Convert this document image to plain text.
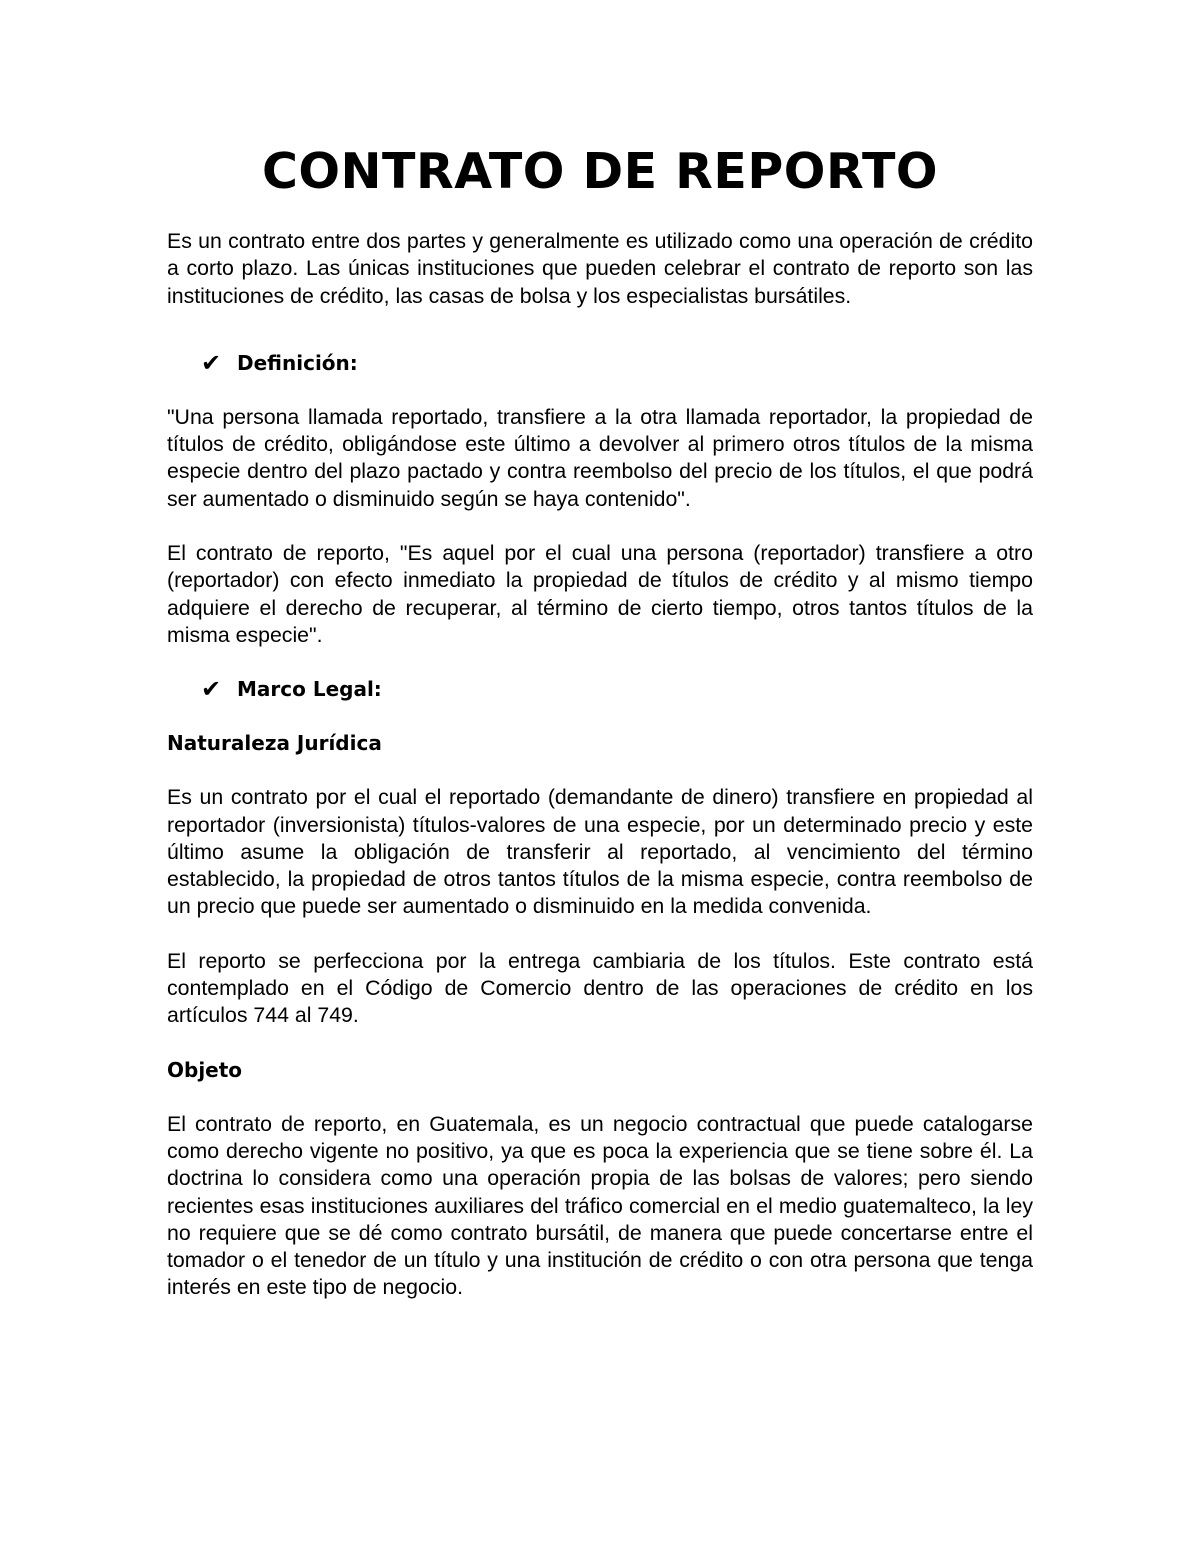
CONTRATO DE REPORTO

Es un contrato entre dos partes y generalmente es utilizado como una operación de crédito a corto plazo. Las únicas instituciones que pueden celebrar el contrato de reporto son las instituciones de crédito, las casas de bolsa y los especialistas bursátiles.

✔ Definición:

"Una persona llamada reportado, transfiere a la otra llamada reportador, la propiedad de títulos de crédito, obligándose este último a devolver al primero otros títulos de la misma especie dentro del plazo pactado y contra reembolso del precio de los títulos, el que podrá ser aumentado o disminuido según se haya contenido".

El contrato de reporto, "Es aquel por el cual una persona (reportador) transfiere a otro (reportador) con efecto inmediato la propiedad de títulos de crédito y al mismo tiempo adquiere el derecho de recuperar, al término de cierto tiempo, otros tantos títulos de la misma especie".

✔ Marco Legal:
Naturaleza Jurídica

Es un contrato por el cual el reportado (demandante de dinero) transfiere en propiedad al reportador (inversionista) títulos-valores de una especie, por un determinado precio y este último asume la obligación de transferir al reportado, al vencimiento del término establecido, la propiedad de otros tantos títulos de la misma especie, contra reembolso de un precio que puede ser aumentado o disminuido en la medida convenida.

El reporto se perfecciona por la entrega cambiaria de los títulos. Este contrato está contemplado en el Código de Comercio dentro de las operaciones de crédito en los artículos 744 al 749.

Objeto

El contrato de reporto, en Guatemala, es un negocio contractual que puede catalogarse como derecho vigente no positivo, ya que es poca la experiencia que se tiene sobre él. La doctrina lo considera como una operación propia de las bolsas de valores; pero siendo recientes esas instituciones auxiliares del tráfico comercial en el medio guatemalteco, la ley no requiere que se dé como contrato bursátil, de manera que puede concertarse entre el tomador o el tenedor de un título y una institución de crédito o con otra persona que tenga interés en este tipo de negocio.
